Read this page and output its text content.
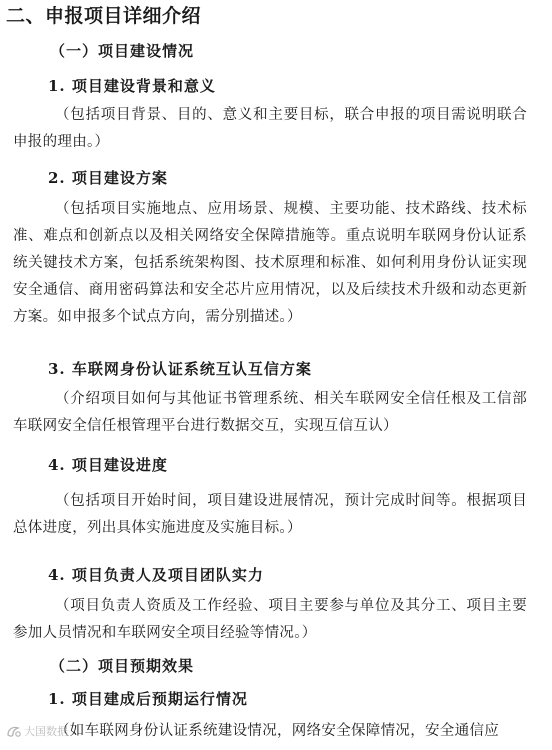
二、申报项目详细介绍
（一）项目建设情况
1. 项目建设背景和意义
（包括项目背景、目的、意义和主要目标，联合申报的项目需说明联合申报的理由。）
2. 项目建设方案
（包括项目实施地点、应用场景、规模、主要功能、技术路线、技术标准、难点和创新点以及相关网络安全保障措施等。重点说明车联网身份认证系统关键技术方案，包括系统架构图、技术原理和标准、如何利用身份认证实现安全通信、商用密码算法和安全芯片应用情况，以及后续技术升级和动态更新方案。如申报多个试点方向，需分别描述。）
3. 车联网身份认证系统互认互信方案
（介绍项目如何与其他证书管理系统、相关车联网安全信任根及工信部车联网安全信任根管理平台进行数据交互，实现互信互认）
4. 项目建设进度
（包括项目开始时间，项目建设进展情况，预计完成时间等。根据项目总体进度，列出具体实施进度及实施目标。）
4. 项目负责人及项目团队实力
（项目负责人资质及工作经验、项目主要参与单位及其分工、项目主要参加人员情况和车联网安全项目经验等情况。）
（二）项目预期效果
1. 项目建成后预期运行情况
（如车联网身份认证系统建设情况，网络安全保障情况，安全通信应
大国数据
